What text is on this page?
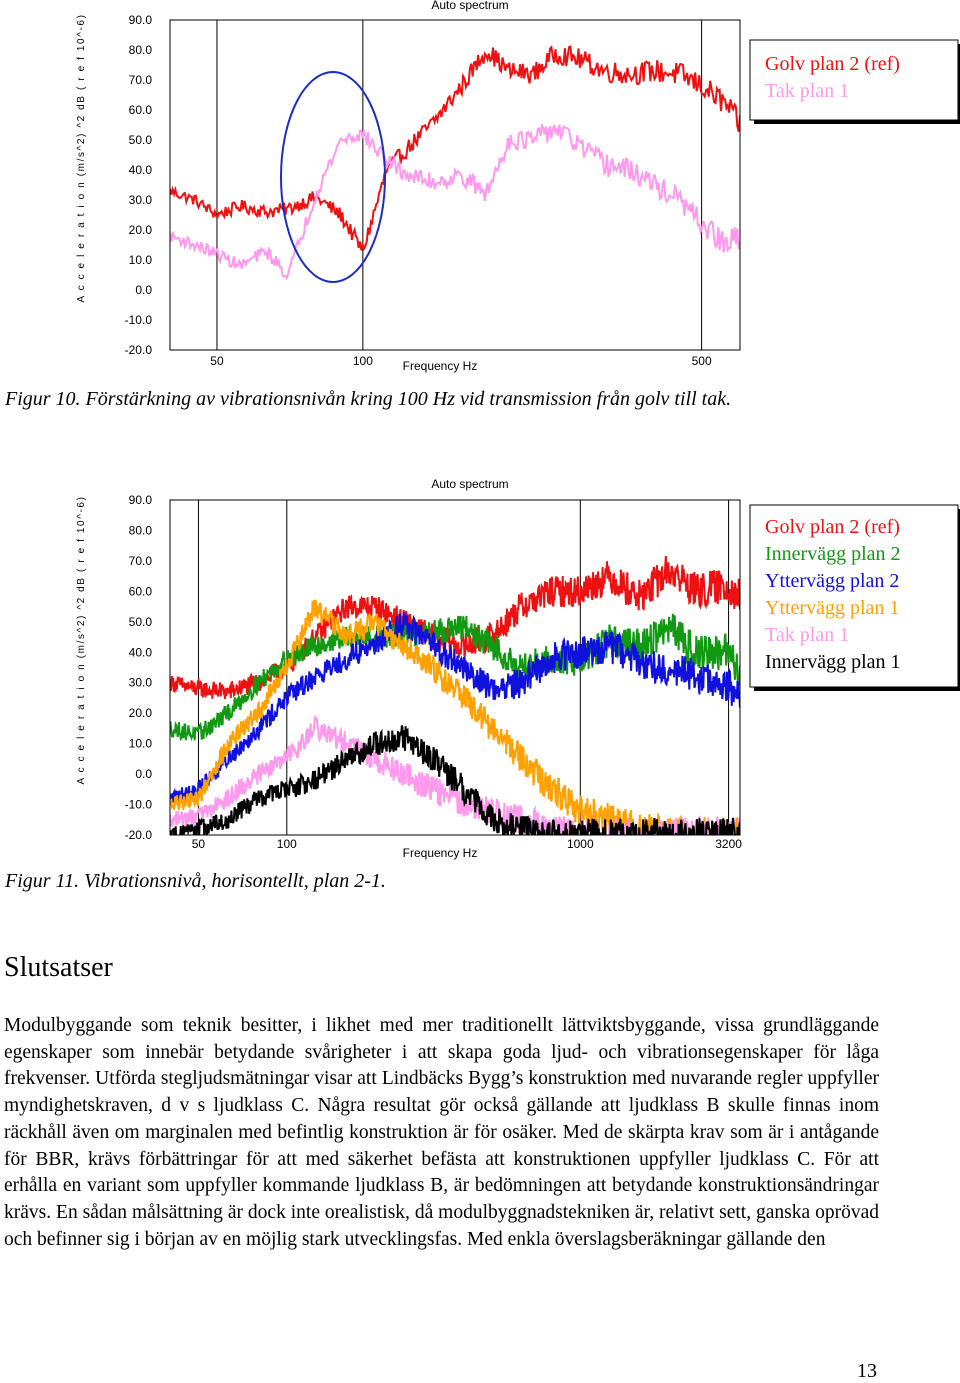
Auto spectrum
A c c e l e r a t i o n (m/s^2) ^2 dB ( r e f 10^-6)	90.0
80.0
70.0
60.0
50.0
40.0
30.0
20.0
10.0
0.0
-10.0
-20.0
50	100	500
Frequency Hz
Golv plan 2 (ref)
Tak plan 1

Figur 10. Förstärkning av vibrationsnivån kring 100 Hz vid transmission från golv till tak.

Auto spectrum
A c c e l e r a t i o n (m/s^2) ^2 dB ( r e f 10^-6)	90.0
80.0
70.0
60.0
50.0
40.0
30.0
20.0
10.0
0.0
-10.0
-20.0
50	100	1000	3200
Frequency Hz
Golv plan 2 (ref)
Innervägg plan 2
Yttervägg plan 2
Yttervägg plan 1
Tak plan 1
Innervägg plan 1

Figur 11. Vibrationsnivå, horisontellt, plan 2-1.

Slutsatser

Modulbyggande som teknik besitter, i likhet med mer traditionellt lättviktsbyggande, vissa grundläggande egenskaper som innebär betydande svårigheter i att skapa goda ljud- och vibrationsegenskaper för låga frekvenser. Utförda stegljudsmätningar visar att Lindbäcks Bygg’s konstruktion med nuvarande regler uppfyller myndighetskraven, d v s ljudklass C. Några resultat gör också gällande att ljudklass B skulle finnas inom räckhåll även om marginalen med befintlig konstruktion är för osäker. Med de skärpta krav som är i antågande för BBR, krävs förbättringar för att med säkerhet befästa att konstruktionen uppfyller ljudklass C. För att erhålla en variant som uppfyller kommande ljudklass B, är bedömningen att betydande konstruktionsändringar krävs. En sådan målsättning är dock inte orealistisk, då modulbyggnadstekniken är, relativt sett, ganska oprövad och befinner sig i början av en möjlig stark utvecklingsfas. Med enkla överslagsberäkningar gällande den

13
